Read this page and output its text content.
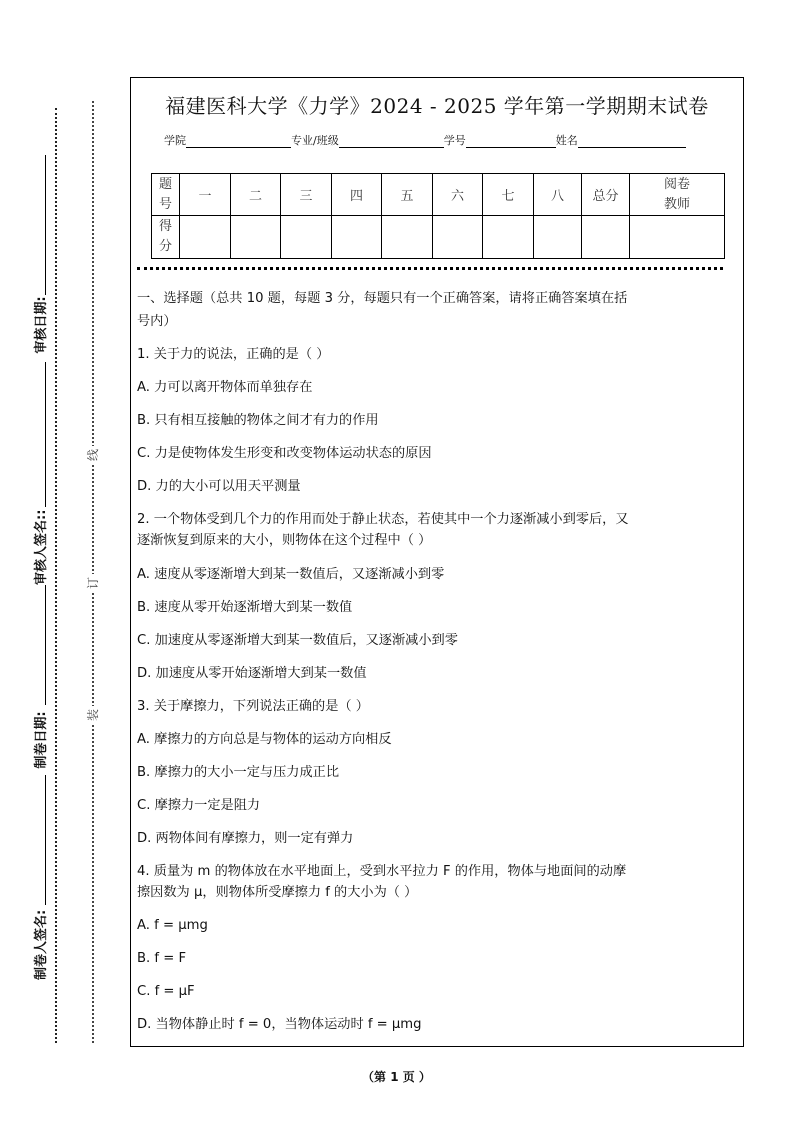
审核日期:
审核人签名::
制卷日期:
制卷人签名:
线
订
装
福建医科大学《力学》2024 - 2025 学年第一学期期末试卷
学院	专业/班级	学号	姓名
题
号	一	二	三	四	五	六	七	八	总分	阅卷
教师

得
分										

一、选择题（总共 10 题，每题 3 分，每题只有一个正确答案，请将正确答案填在括

号内）

1. 关于力的说法，正确的是（ ）

A. 力可以离开物体而单独存在

B. 只有相互接触的物体之间才有力的作用

C. 力是使物体发生形变和改变物体运动状态的原因

D. 力的大小可以用天平测量

2. 一个物体受到几个力的作用而处于静止状态，若使其中一个力逐渐减小到零后，又

逐渐恢复到原来的大小，则物体在这个过程中（ ）

A. 速度从零逐渐增大到某一数值后，又逐渐减小到零

B. 速度从零开始逐渐增大到某一数值

C. 加速度从零逐渐增大到某一数值后，又逐渐减小到零

D. 加速度从零开始逐渐增大到某一数值

3. 关于摩擦力，下列说法正确的是（ ）

A. 摩擦力的方向总是与物体的运动方向相反

B. 摩擦力的大小一定与压力成正比

C. 摩擦力一定是阻力

D. 两物体间有摩擦力，则一定有弹力

4. 质量为 m 的物体放在水平地面上，受到水平拉力 F 的作用，物体与地面间的动摩

擦因数为 μ，则物体所受摩擦力 f 的大小为（ ）

A. f = μmg

B. f = F

C. f = μF

D. 当物体静止时 f = 0，当物体运动时 f = μmg

（第 1 页 ）
